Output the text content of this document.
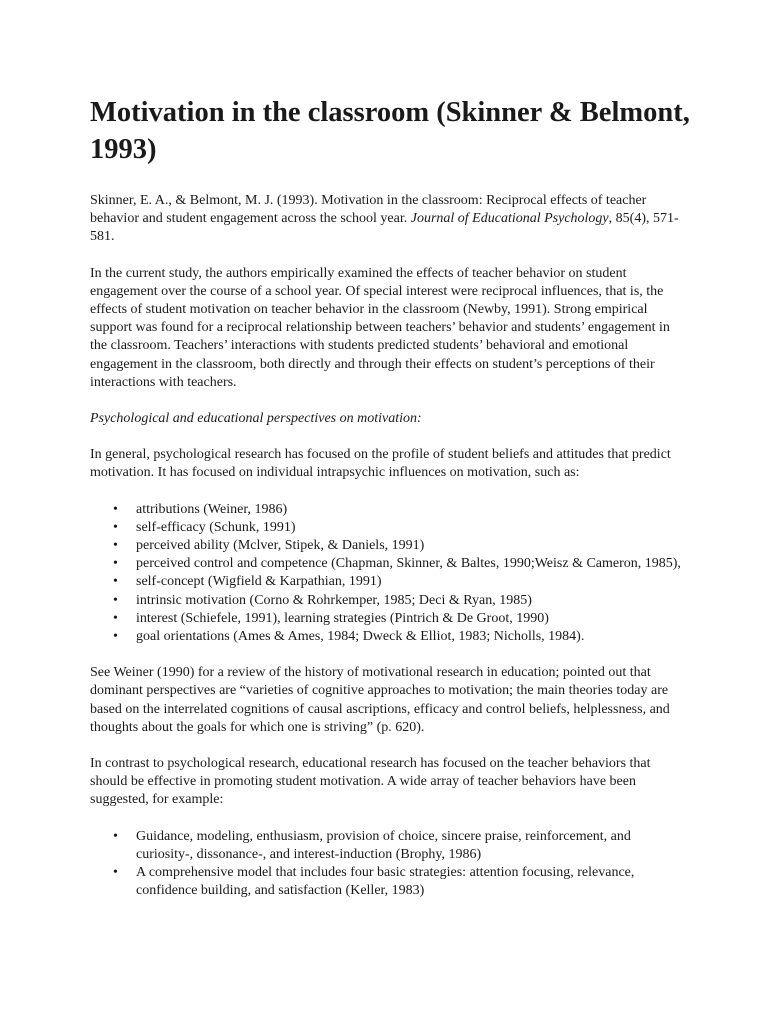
Motivation in the classroom (Skinner & Belmont, 1993)

Skinner, E. A., & Belmont, M. J. (1993). Motivation in the classroom: Reciprocal effects of teacher behavior and student engagement across the school year. Journal of Educational Psychology, 85(4), 571-581.

In the current study, the authors empirically examined the effects of teacher behavior on student engagement over the course of a school year. Of special interest were reciprocal influences, that is, the effects of student motivation on teacher behavior in the classroom (Newby, 1991). Strong empirical support was found for a reciprocal relationship between teachers’ behavior and students’ engagement in the classroom. Teachers’ interactions with students predicted students’ behavioral and emotional engagement in the classroom, both directly and through their effects on student’s perceptions of their interactions with teachers.

Psychological and educational perspectives on motivation:

In general, psychological research has focused on the profile of student beliefs and attitudes that predict motivation. It has focused on individual intrapsychic influences on motivation, such as:

• attributions (Weiner, 1986)
• self-efficacy (Schunk, 1991)
• perceived ability (Mclver, Stipek, & Daniels, 1991)
• perceived control and competence (Chapman, Skinner, & Baltes, 1990;Weisz & Cameron, 1985),
• self-concept (Wigfield & Karpathian, 1991)
• intrinsic motivation (Corno & Rohrkemper, 1985; Deci & Ryan, 1985)
• interest (Schiefele, 1991), learning strategies (Pintrich & De Groot, 1990)
• goal orientations (Ames & Ames, 1984; Dweck & Elliot, 1983; Nicholls, 1984).

See Weiner (1990) for a review of the history of motivational research in education; pointed out that dominant perspectives are “varieties of cognitive approaches to motivation; the main theories today are based on the interrelated cognitions of causal ascriptions, efficacy and control beliefs, helplessness, and thoughts about the goals for which one is striving” (p. 620).

In contrast to psychological research, educational research has focused on the teacher behaviors that should be effective in promoting student motivation. A wide array of teacher behaviors have been suggested, for example:

• Guidance, modeling, enthusiasm, provision of choice, sincere praise, reinforcement, and curiosity-, dissonance-, and interest-induction (Brophy, 1986)
• A comprehensive model that includes four basic strategies: attention focusing, relevance, confidence building, and satisfaction (Keller, 1983)
